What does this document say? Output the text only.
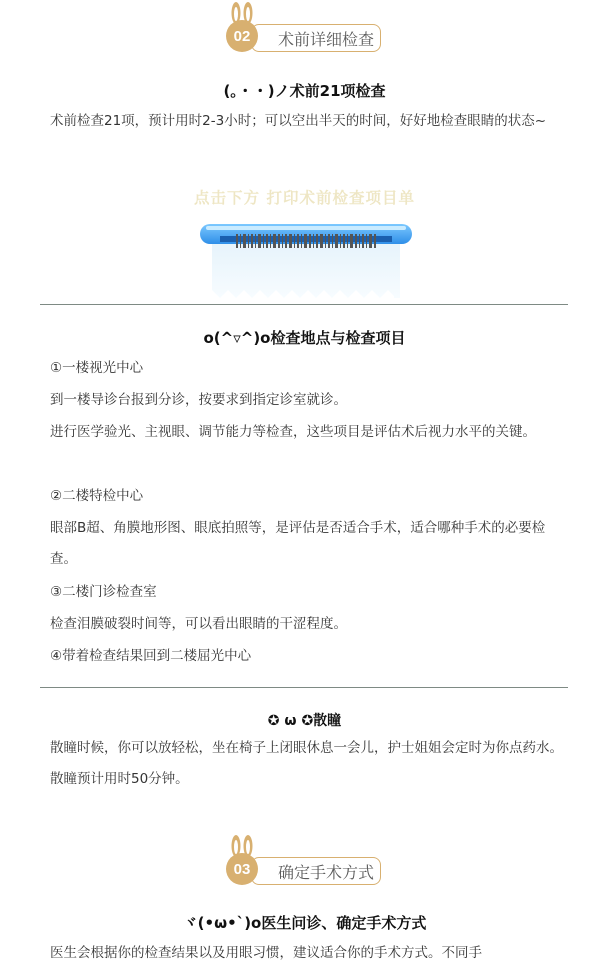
术前详细检查
02
(。・・)ノ术前21项检查
术前检查21项，预计用时2-3小时；可以空出半天的时间，好好地检查眼睛的状态~
点击下方 打印术前检查项目单
o(^▿^)o检查地点与检查项目
①一楼视光中心
到一楼导诊台报到分诊，按要求到指定诊室就诊。
进行医学验光、主视眼、调节能力等检查，这些项目是评估术后视力水平的关键。
②二楼特检中心
眼部B超、角膜地形图、眼底拍照等，是评估是否适合手术，适合哪种手术的必要检查。
③二楼门诊检查室
检查泪膜破裂时间等，可以看出眼睛的干涩程度。
④带着检查结果回到二楼屈光中心
✪ ω ✪散瞳
散瞳时候，你可以放轻松，坐在椅子上闭眼休息一会儿，护士姐姐会定时为你点药水。散瞳预计用时50分钟。
确定手术方式
03
ヾ(•ω•`)o医生问诊、确定手术方式
医生会根据你的检查结果以及用眼习惯，建议适合你的手术方式。不同手
